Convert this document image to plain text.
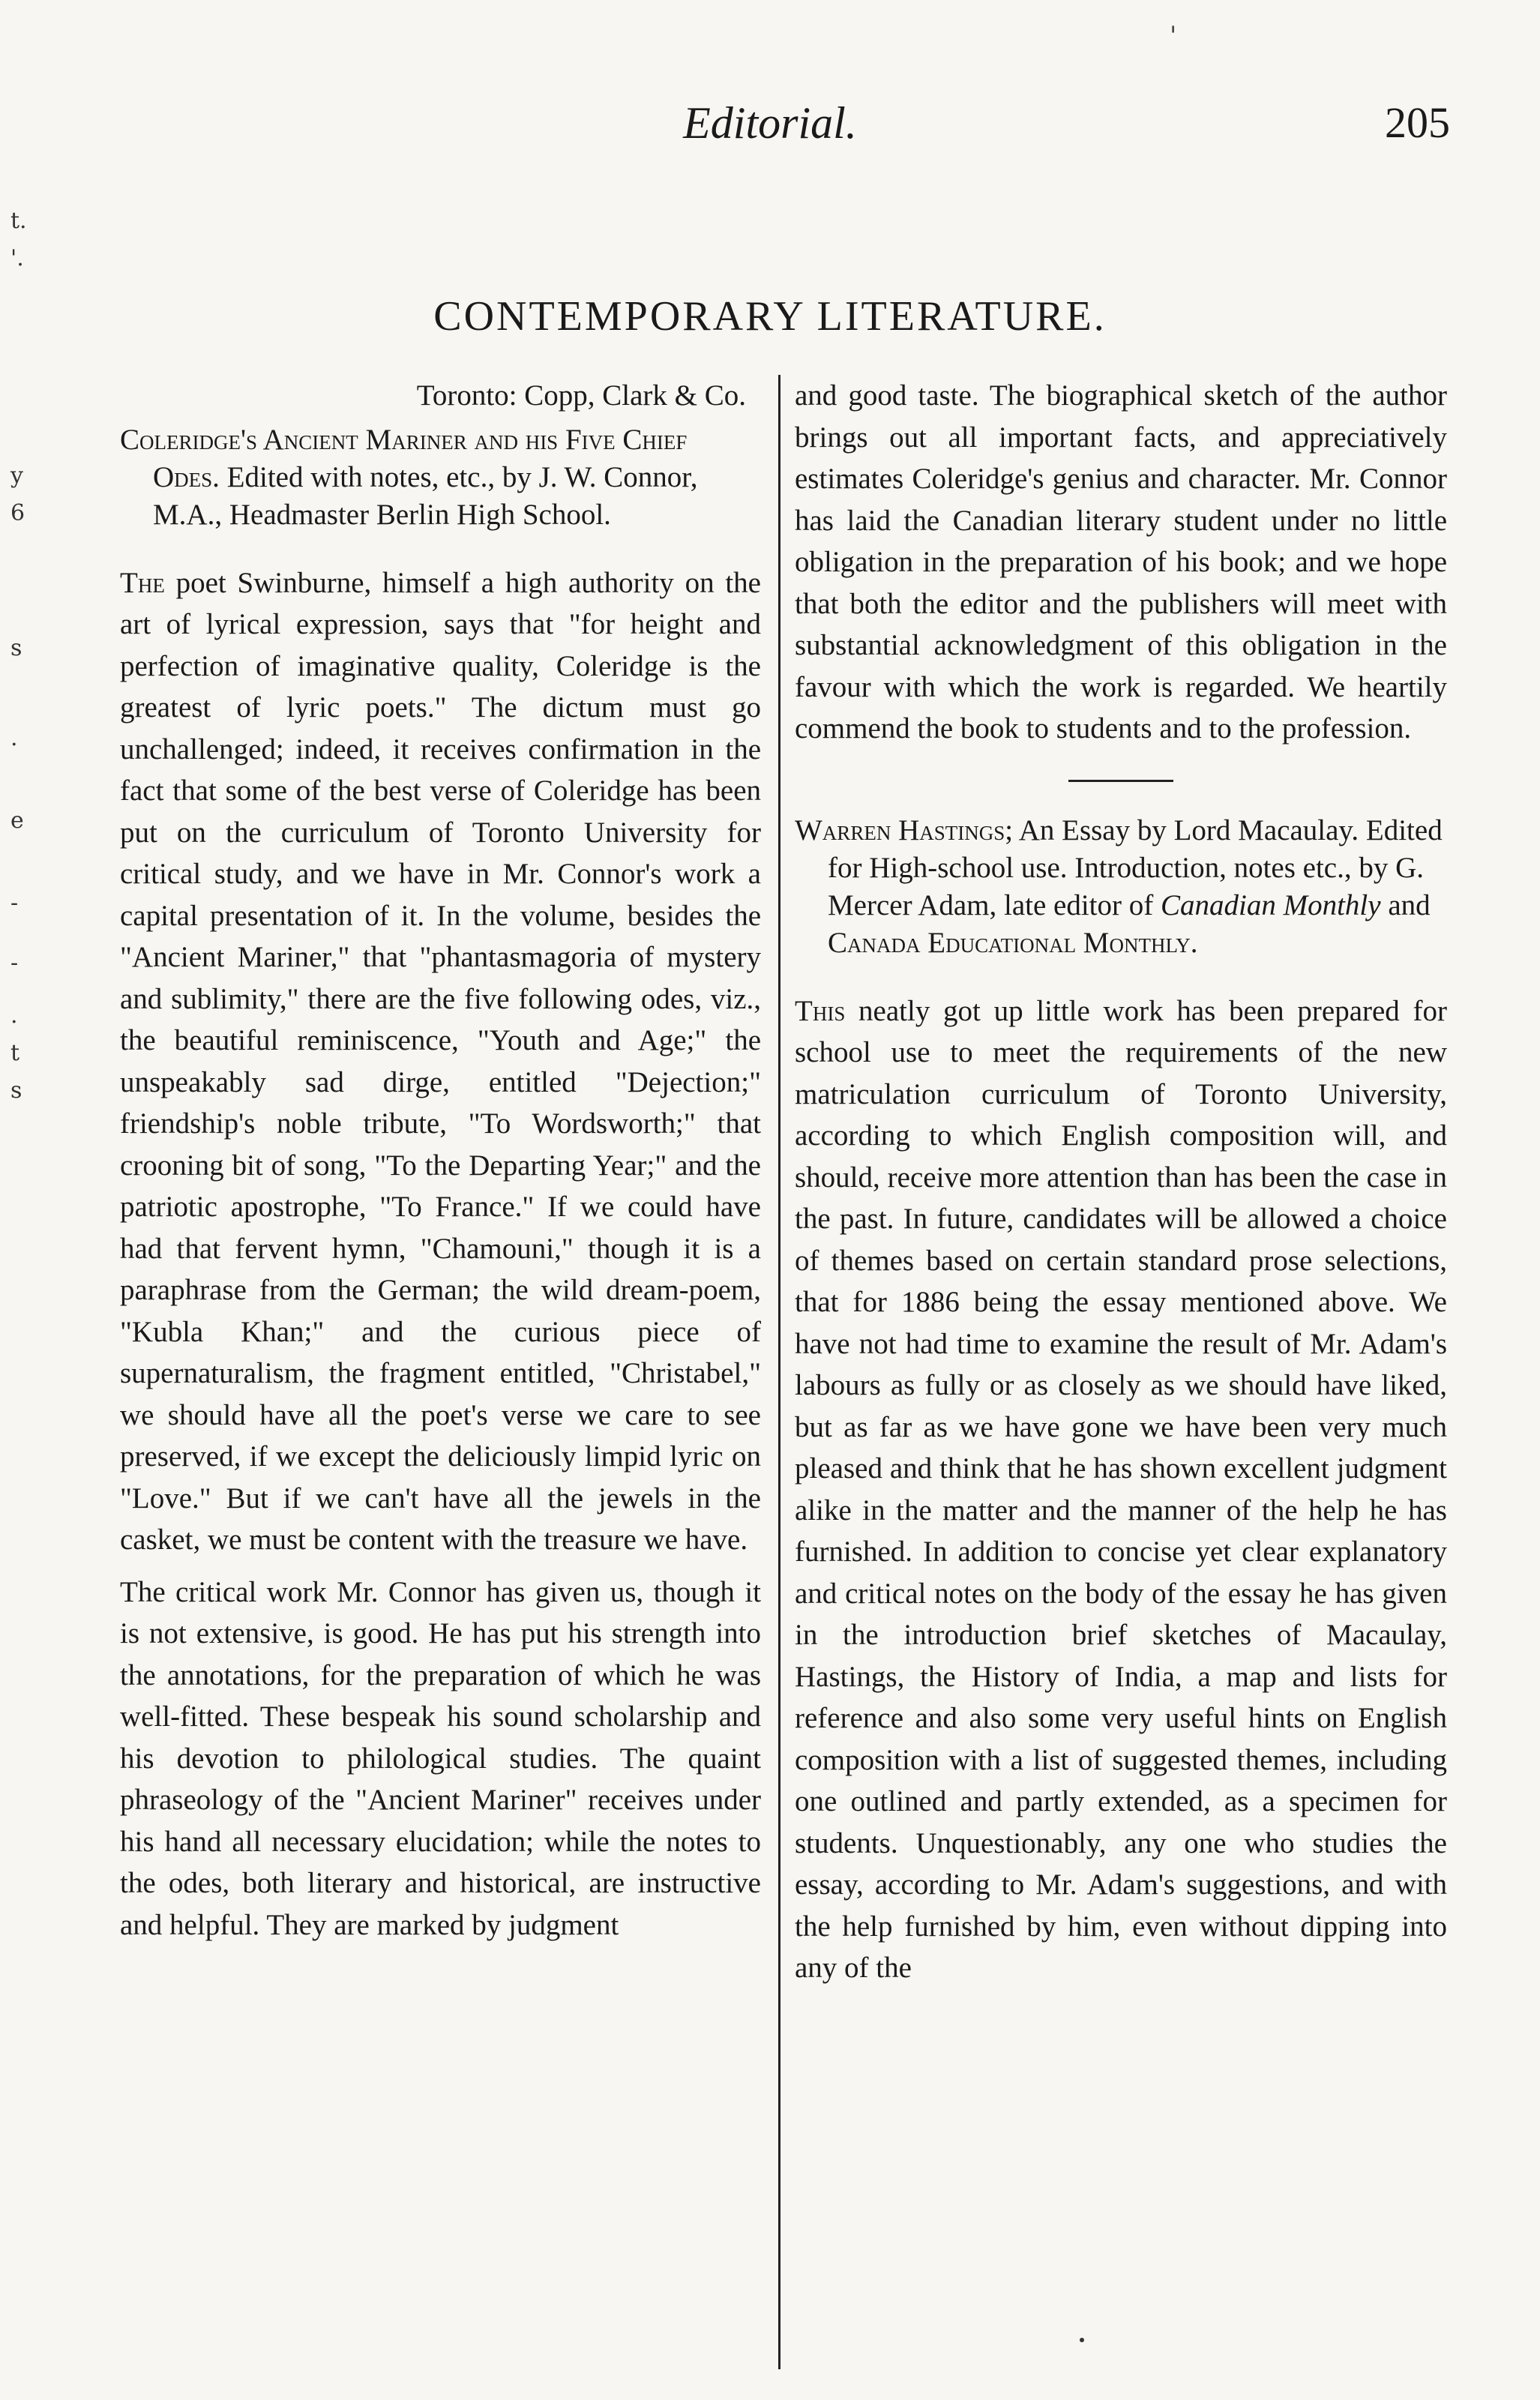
Editorial.	205
'
t.
'.
y
6
s
.
e
-
-
.
t
s
CONTEMPORARY LITERATURE.

Toronto: Copp, Clark & Co.

Coleridge's Ancient Mariner and his Five Chief Odes. Edited with notes, etc., by J. W. Connor, M.A., Headmaster Berlin High School.

The poet Swinburne, himself a high authority on the art of lyrical expression, says that "for height and perfection of imaginative quality, Coleridge is the greatest of lyric poets." The dictum must go unchallenged; indeed, it receives confirmation in the fact that some of the best verse of Coleridge has been put on the curriculum of Toronto University for critical study, and we have in Mr. Connor's work a capital presentation of it. In the volume, besides the "Ancient Mariner," that "phantasmagoria of mystery and sublimity," there are the five following odes, viz., the beautiful reminiscence, "Youth and Age;" the unspeakably sad dirge, entitled "Dejection;" friendship's noble tribute, "To Wordsworth;" that crooning bit of song, "To the Departing Year;" and the patriotic apostrophe, "To France." If we could have had that fervent hymn, "Chamouni," though it is a paraphrase from the German; the wild dream-poem, "Kubla Khan;" and the curious piece of supernaturalism, the fragment entitled, "Christabel," we should have all the poet's verse we care to see preserved, if we except the deliciously limpid lyric on "Love." But if we can't have all the jewels in the casket, we must be content with the treasure we have.

The critical work Mr. Connor has given us, though it is not extensive, is good. He has put his strength into the annotations, for the preparation of which he was well-fitted. These bespeak his sound scholarship and his devotion to philological studies. The quaint phraseology of the "Ancient Mariner" receives under his hand all necessary elucidation; while the notes to the odes, both literary and historical, are instructive and helpful. They are marked by judgment

and good taste. The biographical sketch of the author brings out all important facts, and appreciatively estimates Coleridge's genius and character. Mr. Connor has laid the Canadian literary student under no little obligation in the preparation of his book; and we hope that both the editor and the publishers will meet with substantial acknowledgment of this obligation in the favour with which the work is regarded. We heartily commend the book to students and to the profession.

Warren Hastings; An Essay by Lord Macaulay. Edited for High-school use. Introduction, notes etc., by G. Mercer Adam, late editor of Canadian Monthly and Canada Educational Monthly.

This neatly got up little work has been prepared for school use to meet the requirements of the new matriculation curriculum of Toronto University, according to which English composition will, and should, receive more attention than has been the case in the past. In future, candidates will be allowed a choice of themes based on certain standard prose selections, that for 1886 being the essay mentioned above. We have not had time to examine the result of Mr. Adam's labours as fully or as closely as we should have liked, but as far as we have gone we have been very much pleased and think that he has shown excellent judgment alike in the matter and the manner of the help he has furnished. In addition to concise yet clear explanatory and critical notes on the body of the essay he has given in the introduction brief sketches of Macaulay, Hastings, the History of India, a map and lists for reference and also some very useful hints on English composition with a list of suggested themes, including one outlined and partly extended, as a specimen for students. Unquestionably, any one who studies the essay, according to Mr. Adam's suggestions, and with the help furnished by him, even without dipping into any of the
